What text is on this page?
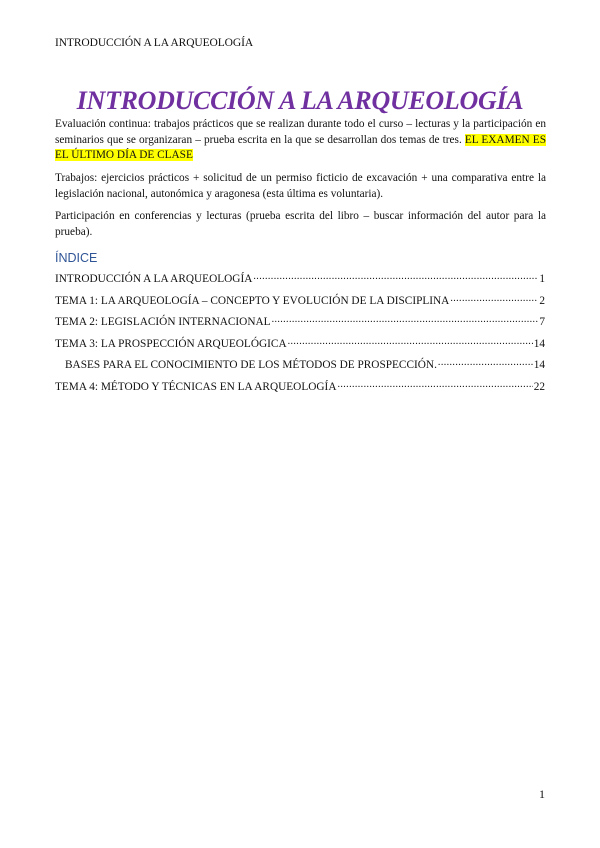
INTRODUCCIÓN A LA ARQUEOLOGÍA
INTRODUCCIÓN A LA ARQUEOLOGÍA
Evaluación continua: trabajos prácticos que se realizan durante todo el curso – lecturas y la participación en seminarios que se organizaran – prueba escrita en la que se desarrollan dos temas de tres. EL EXAMEN ES EL ÚLTIMO DÍA DE CLASE
Trabajos: ejercicios prácticos + solicitud de un permiso ficticio de excavación + una comparativa entre la legislación nacional, autonómica y aragonesa (esta última es voluntaria).
Participación en conferencias y lecturas (prueba escrita del libro – buscar información del autor para la prueba).
ÍNDICE
INTRODUCCIÓN A LA ARQUEOLOGÍA .....	1
TEMA 1: LA ARQUEOLOGÍA – CONCEPTO Y EVOLUCIÓN DE LA DISCIPLINA .....	2
TEMA 2: LEGISLACIÓN INTERNACIONAL .....	7
TEMA 3: LA PROSPECCIÓN ARQUEOLÓGICA .....	14
BASES PARA EL CONOCIMIENTO DE LOS MÉTODOS DE PROSPECCIÓN. .....	14
TEMA 4: MÉTODO Y TÉCNICAS EN LA ARQUEOLOGÍA .....	22
1
